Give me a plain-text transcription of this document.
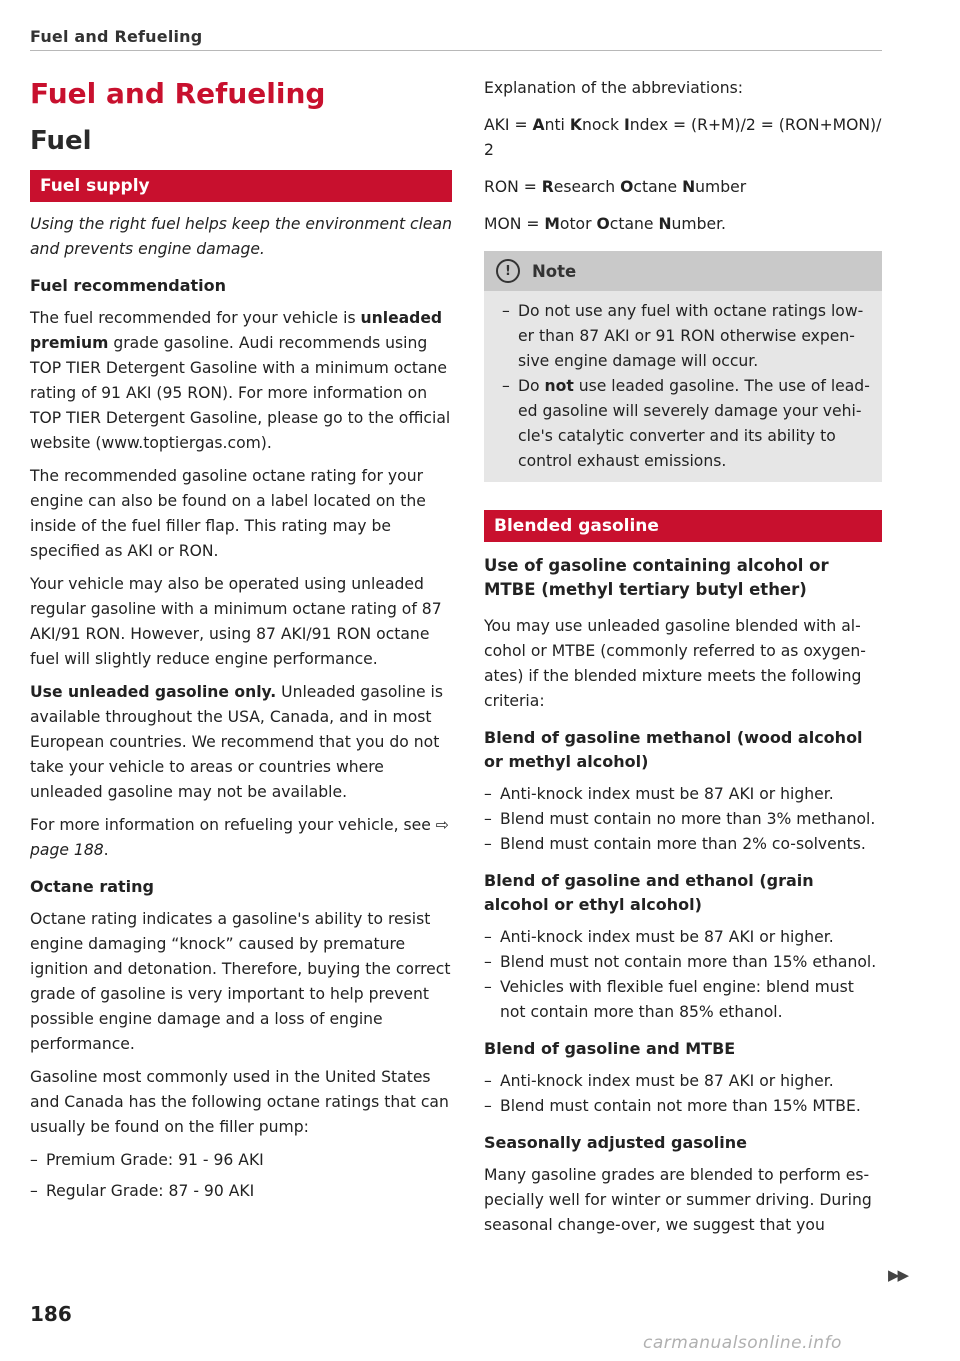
Fuel and Refueling
Fuel and Refueling
Fuel
Fuel supply

Using the right fuel helps keep the environment clean and prevents engine damage.

Fuel recommendation

The fuel recommended for your vehicle is unleaded premium grade gasoline. Audi recommends using TOP TIER Detergent Gasoline with a minimum octane rating of 91 AKI (95 RON). For more information on TOP TIER Detergent Gasoline, please go to the official website (www.toptiergas.com).

The recommended gasoline octane rating for your engine can also be found on a label located on the inside of the fuel filler flap. This rating may be specified as AKI or RON.

Your vehicle may also be operated using unleaded regular gasoline with a minimum octane rating of 87 AKI/91 RON. However, using 87 AKI/91 RON octane fuel will slightly reduce engine performance.

Use unleaded gasoline only. Unleaded gasoline is available throughout the USA, Canada, and in most European countries. We recommend that you do not take your vehicle to areas or countries where unleaded gasoline may not be available.

For more information on refueling your vehicle, see ⇨ page 188.

Octane rating

Octane rating indicates a gasoline's ability to resist engine damaging “knock” caused by premature ignition and detonation. Therefore, buying the correct grade of gasoline is very important to help prevent possible engine damage and a loss of engine performance.

Gasoline most commonly used in the United States and Canada has the following octane ratings that can usually be found on the filler pump:

– Premium Grade: 91 - 96 AKI
– Regular Grade: 87 - 90 AKI

Explanation of the abbreviations:

AKI = Anti Knock Index = (R+M)/2 = (RON+MON)/ 2

RON = Research Octane Number

MON = Motor Octane Number.

!	Note
– Do not use any fuel with octane ratings lower than 87 AKI or 91 RON otherwise expensive engine damage will occur.
– Do not use leaded gasoline. The use of leaded gasoline will severely damage your vehicle's catalytic converter and its ability to control exhaust emissions.
Blended gasoline
Use of gasoline containing alcohol or MTBE (methyl tertiary butyl ether)

You may use unleaded gasoline blended with alcohol or MTBE (commonly referred to as oxygenates) if the blended mixture meets the following criteria:

Blend of gasoline methanol (wood alcohol or methyl alcohol)
– Anti-knock index must be 87 AKI or higher.
– Blend must contain no more than 3% methanol.
– Blend must contain more than 2% co-solvents.
Blend of gasoline and ethanol (grain alcohol or ethyl alcohol)
– Anti-knock index must be 87 AKI or higher.
– Blend must not contain more than 15% ethanol.
– Vehicles with flexible fuel engine: blend must not contain more than 85% ethanol.
Blend of gasoline and MTBE
– Anti-knock index must be 87 AKI or higher.
– Blend must contain not more than 15% MTBE.
Seasonally adjusted gasoline

Many gasoline grades are blended to perform especially well for winter or summer driving. During seasonal change-over, we suggest that you

▶▶
186
carmanualsonline.info
